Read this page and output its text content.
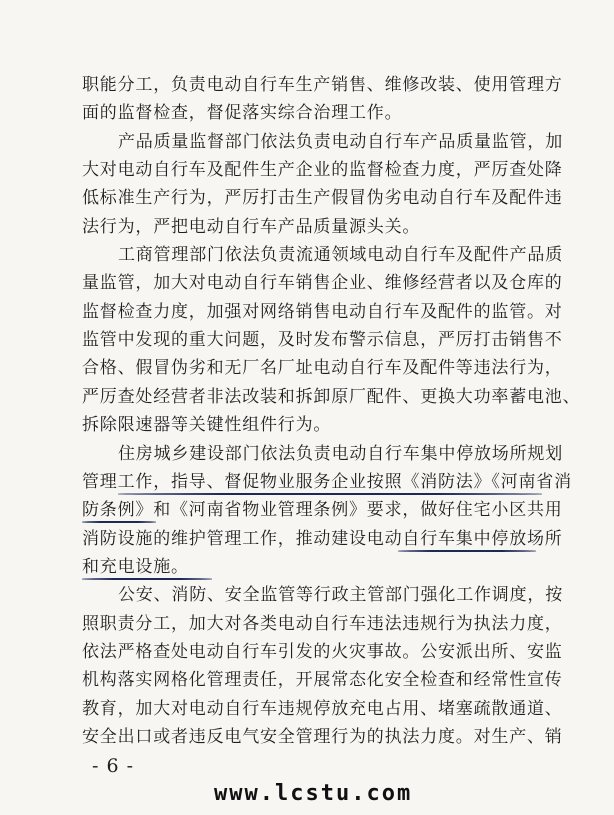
职能分工，负责电动自行车生产销售、维修改装、使用管理方
面的监督检查，督促落实综合治理工作。
产品质量监督部门依法负责电动自行车产品质量监管，加
大对电动自行车及配件生产企业的监督检查力度，严厉查处降
低标准生产行为，严厉打击生产假冒伪劣电动自行车及配件违
法行为，严把电动自行车产品质量源头关。
工商管理部门依法负责流通领域电动自行车及配件产品质
量监管，加大对电动自行车销售企业、维修经营者以及仓库的
监督检查力度，加强对网络销售电动自行车及配件的监管。对
监管中发现的重大问题，及时发布警示信息，严厉打击销售不
合格、假冒伪劣和无厂名厂址电动自行车及配件等违法行为，
严厉查处经营者非法改装和拆卸原厂配件、更换大功率蓄电池、
拆除限速器等关键性组件行为。
住房城乡建设部门依法负责电动自行车集中停放场所规划
管理工作，指导、督促物业服务企业按照《消防法》《河南省消
防条例》和《河南省物业管理条例》要求，做好住宅小区共用
消防设施的维护管理工作，推动建设电动自行车集中停放场所
和充电设施。
公安、消防、安全监管等行政主管部门强化工作调度，按
照职责分工，加大对各类电动自行车违法违规行为执法力度，
依法严格查处电动自行车引发的火灾事故。公安派出所、安监
机构落实网格化管理责任，开展常态化安全检查和经常性宣传
教育，加大对电动自行车违规停放充电占用、堵塞疏散通道、
安全出口或者违反电气安全管理行为的执法力度。对生产、销
- 6 -
www.lcstu.com
